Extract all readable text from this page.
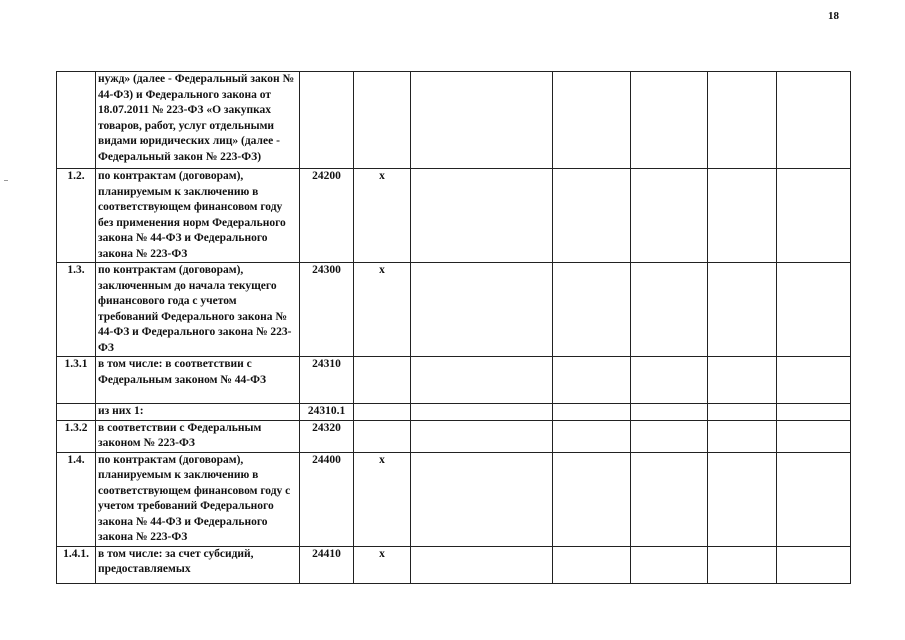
18
	нужд» (далее - Федеральный закон № 44-ФЗ) и Федерального закона от 18.07.2011 № 223-ФЗ «О закупках товаров, работ, услуг отдельными видами юридических лиц» (далее - Федеральный закон № 223-ФЗ)							
1.2.	по контрактам (договорам), планируемым к заключению в соответствующем финансовом году без применения норм Федерального закона № 44-ФЗ и Федерального закона № 223-ФЗ	24200	x					
1.3.	по контрактам (договорам), заключенным до начала текущего финансового года с учетом требований Федерального закона № 44-ФЗ и Федерального закона № 223-ФЗ	24300	x					
1.3.1	в том числе: в соответствии с Федеральным законом № 44-ФЗ	24310						
	из них 1:	24310.1						
1.3.2	в соответствии с Федеральным законом № 223-ФЗ	24320						
1.4.	по контрактам (договорам), планируемым к заключению в соответствующем финансовом году с учетом требований Федерального закона № 44-ФЗ и Федерального закона № 223-ФЗ	24400	x					
1.4.1.	в том числе: за счет субсидий, предоставляемых	24410	x					
